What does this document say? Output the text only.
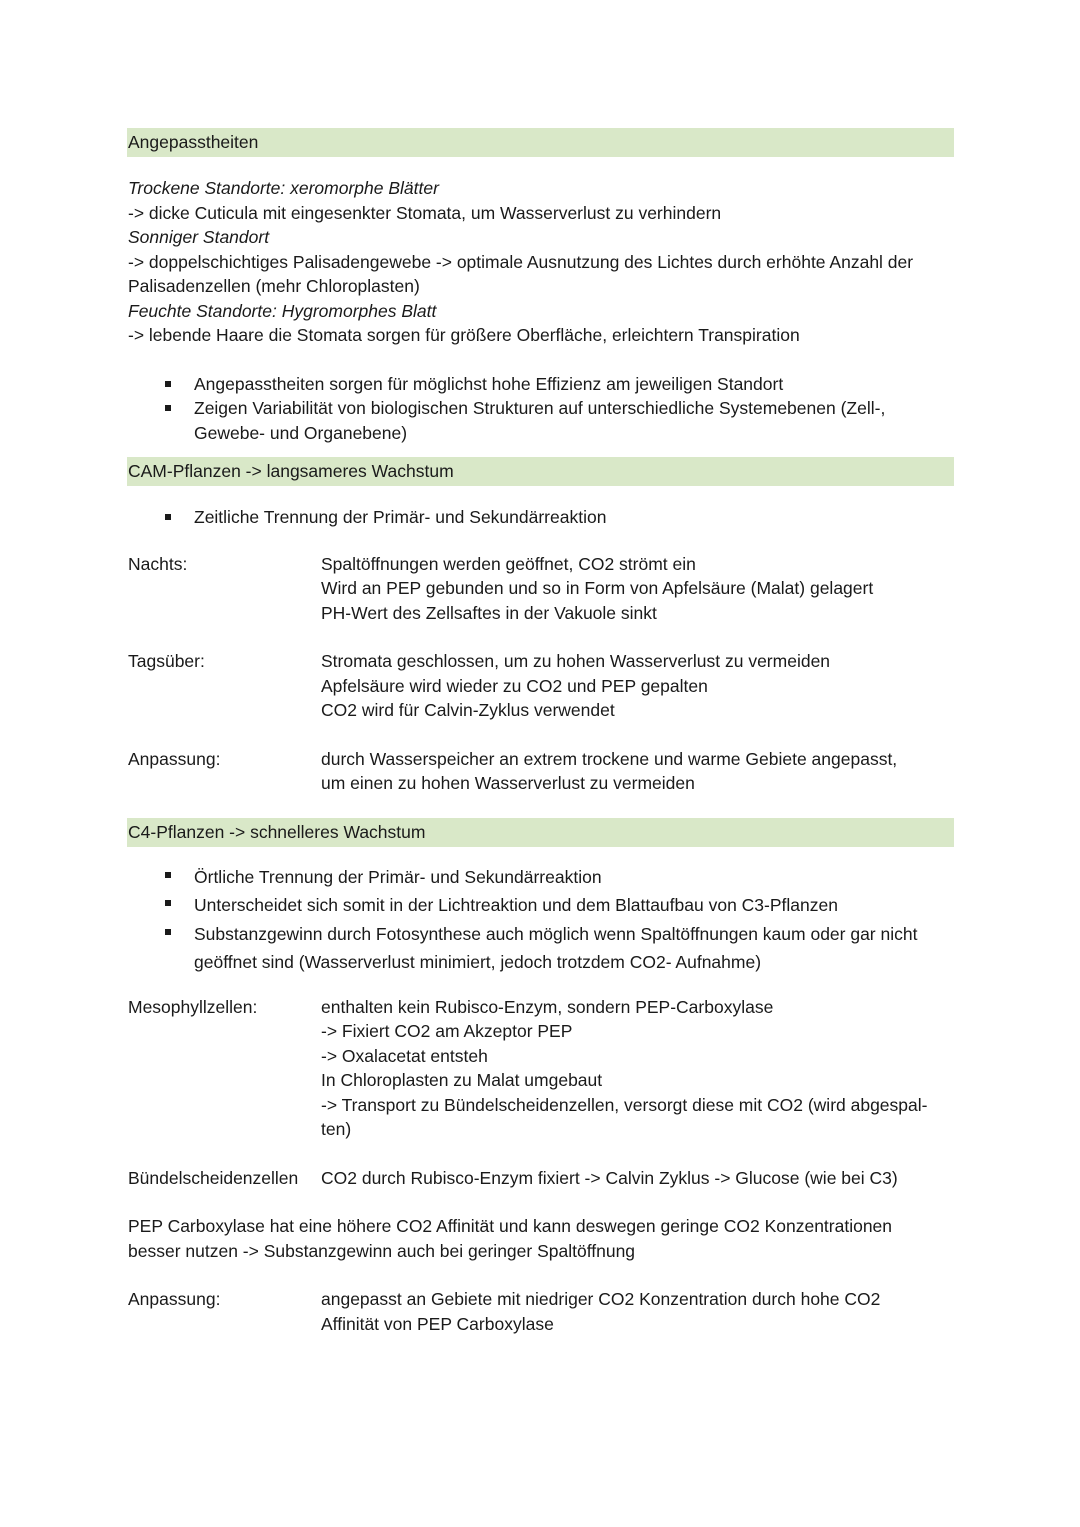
Angepasstheiten
Trockene Standorte: xeromorphe Blätter
-> dicke Cuticula mit eingesenkter Stomata, um Wasserverlust zu verhindern
Sonniger Standort
-> doppelschichtiges Palisadengewebe -> optimale Ausnutzung des Lichtes durch erhöhte Anzahl der
Palisadenzellen (mehr Chloroplasten)
Feuchte Standorte: Hygromorphes Blatt
-> lebende Haare die Stomata sorgen für größere Oberfläche, erleichtern Transpiration
Angepasstheiten sorgen für möglichst hohe Effizienz am jeweiligen Standort
Zeigen Variabilität von biologischen Strukturen auf unterschiedliche Systemebenen (Zell-, Gewebe- und Organebene)
CAM-Pflanzen -> langsameres Wachstum
Zeitliche Trennung der Primär- und Sekundärreaktion
Nachts:	Spaltöffnungen werden geöffnet, CO2 strömt ein
Wird an PEP gebunden und so in Form von Apfelsäure (Malat) gelagert
PH-Wert des Zellsaftes in der Vakuole sinkt
Tagsüber:	Stromata geschlossen, um zu hohen Wasserverlust zu vermeiden
Apfelsäure wird wieder zu CO2 und PEP gepalten
CO2 wird für Calvin-Zyklus verwendet
Anpassung:	durch Wasserspeicher an extrem trockene und warme Gebiete angepasst,
um einen zu hohen Wasserverlust zu vermeiden
C4-Pflanzen -> schnelleres Wachstum
Örtliche Trennung der Primär- und Sekundärreaktion
Unterscheidet sich somit in der Lichtreaktion und dem Blattaufbau von C3-Pflanzen
Substanzgewinn durch Fotosynthese auch möglich wenn Spaltöffnungen kaum oder gar nicht geöffnet sind (Wasserverlust minimiert, jedoch trotzdem CO2- Aufnahme)
Mesophyllzellen:	enthalten kein Rubisco-Enzym, sondern PEP-Carboxylase
-> Fixiert CO2 am Akzeptor PEP
-> Oxalacetat entsteh
In Chloroplasten zu Malat umgebaut
-> Transport zu Bündelscheidenzellen, versorgt diese mit CO2 (wird abgespal-
ten)
Bündelscheidenzellen	CO2 durch Rubisco-Enzym fixiert -> Calvin Zyklus -> Glucose (wie bei C3)
PEP Carboxylase hat eine höhere CO2 Affinität und kann deswegen geringe CO2 Konzentrationen
besser nutzen -> Substanzgewinn auch bei geringer Spaltöffnung
Anpassung:	angepasst an Gebiete mit niedriger CO2 Konzentration durch hohe CO2
Affinität von PEP Carboxylase
